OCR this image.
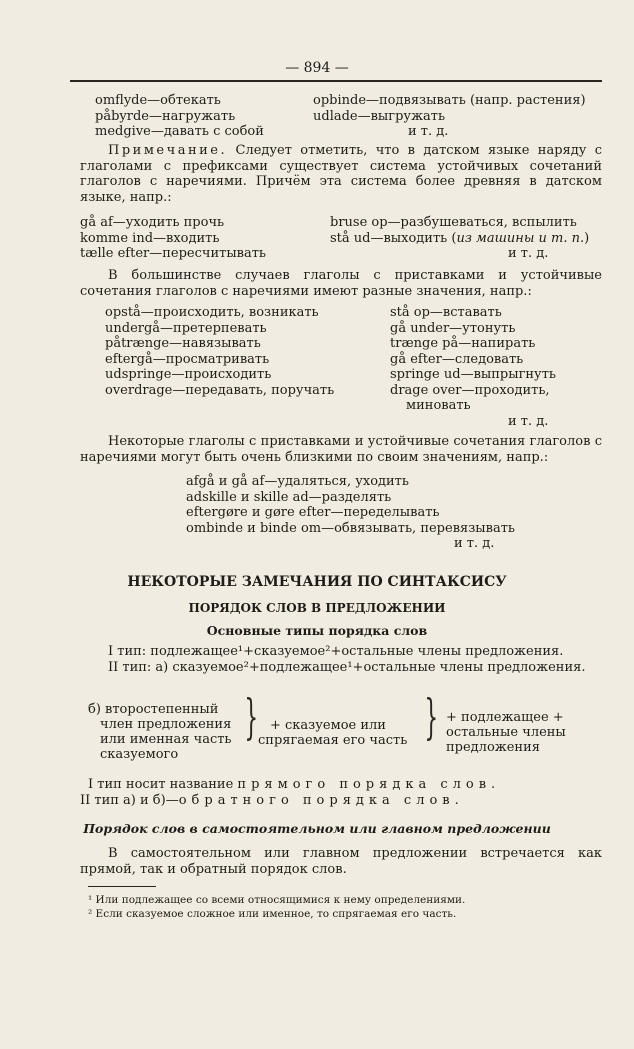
— 894 —
omflyde—обтекать
påbyrde—нагружать
medgive—давать с собой
opbinde—подвязывать (напр. растения)
udlade—выгружать
и т. д.

Примечание. Следует отметить, что в датском языке наряду с глаголами с префиксами существует система устойчивых сочетаний глаголов с наречиями. Причём эта система более древняя в датском языке, напр.:

gå af—уходить прочь
komme ind—входить
tælle efter—пересчитывать
bruse op—разбушеваться, вспылить
stå ud—выходить (из машины и т. п.)
и т. д.

В большинстве случаев глаголы с приставками и устойчивые сочетания глаголов с наречиями имеют разные значения, напр.:

opstå—происходить, возникать
undergå—претерпевать
påtrænge—навязывать
eftergå—просматривать
udspringe—происходить
overdrage—передавать, поручать
stå op—вставать
gå under—утонуть
trænge på—напирать
gå efter—следовать
springe ud—выпрыгнуть
drage over—проходить,
миновать
и т. д.

Некоторые глаголы с приставками и устойчивые сочетания глаголов с наречиями могут быть очень близкими по своим значениям, напр.:

afgå и gå af—удаляться, уходить
adskille и skille ad—разделять
eftergøre и gøre efter—переделывать
ombinde и binde om—обвязывать, перевязывать
и т. д.
НЕКОТОРЫЕ ЗАМЕЧАНИЯ ПО СИНТАКСИСУ
ПОРЯДОК СЛОВ В ПРЕДЛОЖЕНИИ
Основные типы порядка слов

I тип: подлежащее¹+сказуемое²+остальные члены предложения.

II тип: а) сказуемое²+подлежащее¹+остальные члены предложения.

б) второстепенный
член предложения
или именная часть
сказуемого
} + сказуемое или
спрягаемая его часть } + подлежащее +
остальные члены
предложения
I тип носит название прямого порядка слов.
II тип а) и б)—обратного порядка слов.
Порядок слов в самостоятельном или главном предложении

В самостоятельном или главном предложении встречается как прямой, так и обратный порядок слов.

¹ Или подлежащее со всеми относящимися к нему определениями.
² Если сказуемое сложное или именное, то спрягаемая его часть.
